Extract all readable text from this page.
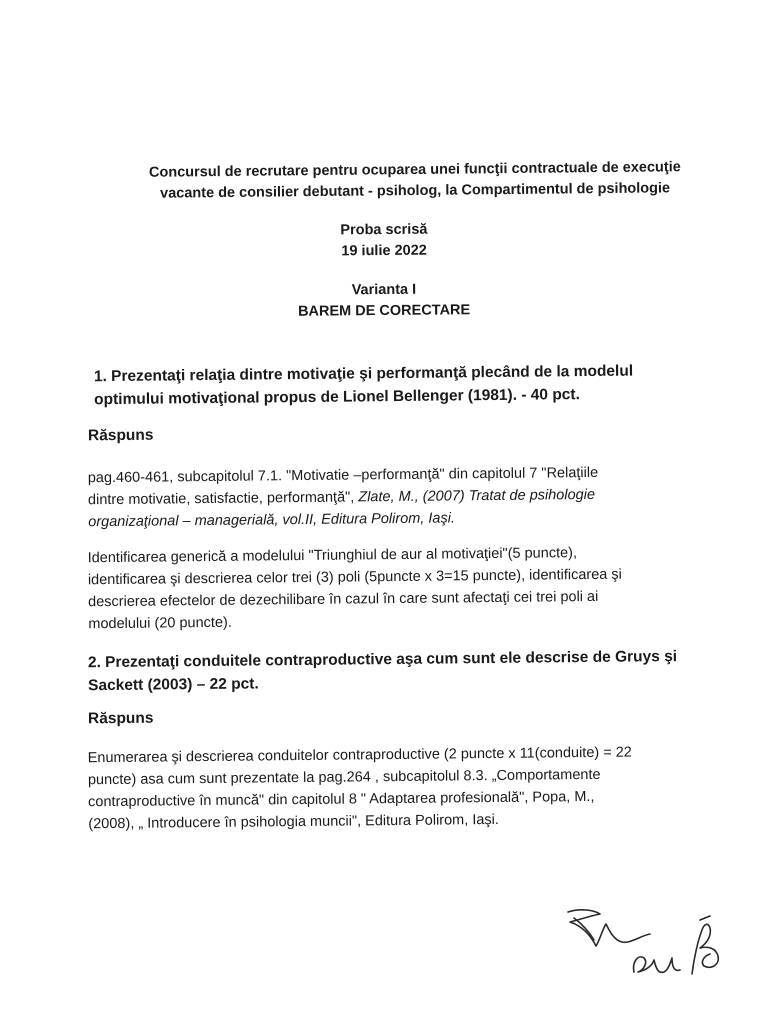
Concursul de recrutare pentru ocuparea unei funcţii contractuale de execuţie
vacante de consilier debutant - psiholog, la Compartimentul de psihologie
Proba scrisă
19 iulie 2022
Varianta I
BAREM DE CORECTARE
1. Prezentaţi relaţia dintre motivaţie şi performanţă plecând de la modelul
optimului motivaţional propus de Lionel Bellenger (1981). - 40 pct.
Răspuns
pag.460-461, subcapitolul 7.1. "Motivatie –performanţă" din capitolul 7 "Relaţiile
dintre motivatie, satisfactie, performanţă", Zlate, M., (2007) Tratat de psihologie
organizaţional – managerială, vol.II, Editura Polirom, Iaşi.
Identificarea generică a modelului "Triunghiul de aur al motivaţiei"(5 puncte),
identificarea şi descrierea celor trei (3) poli (5puncte x 3=15 puncte), identificarea şi
descrierea efectelor de dezechilibare în cazul în care sunt afectaţi cei trei poli ai
modelului (20 puncte).
2. Prezentaţi conduitele contraproductive aşa cum sunt ele descrise de Gruys şi
Sackett (2003) – 22 pct.
Răspuns
Enumerarea şi descrierea conduitelor contraproductive (2 puncte x 11(conduite) = 22
puncte) asa cum sunt prezentate la pag.264 , subcapitolul 8.3. „Comportamente
contraproductive în muncă" din capitolul 8 " Adaptarea profesională", Popa, M.,
(2008), „ Introducere în psihologia muncii", Editura Polirom, Iaşi.
